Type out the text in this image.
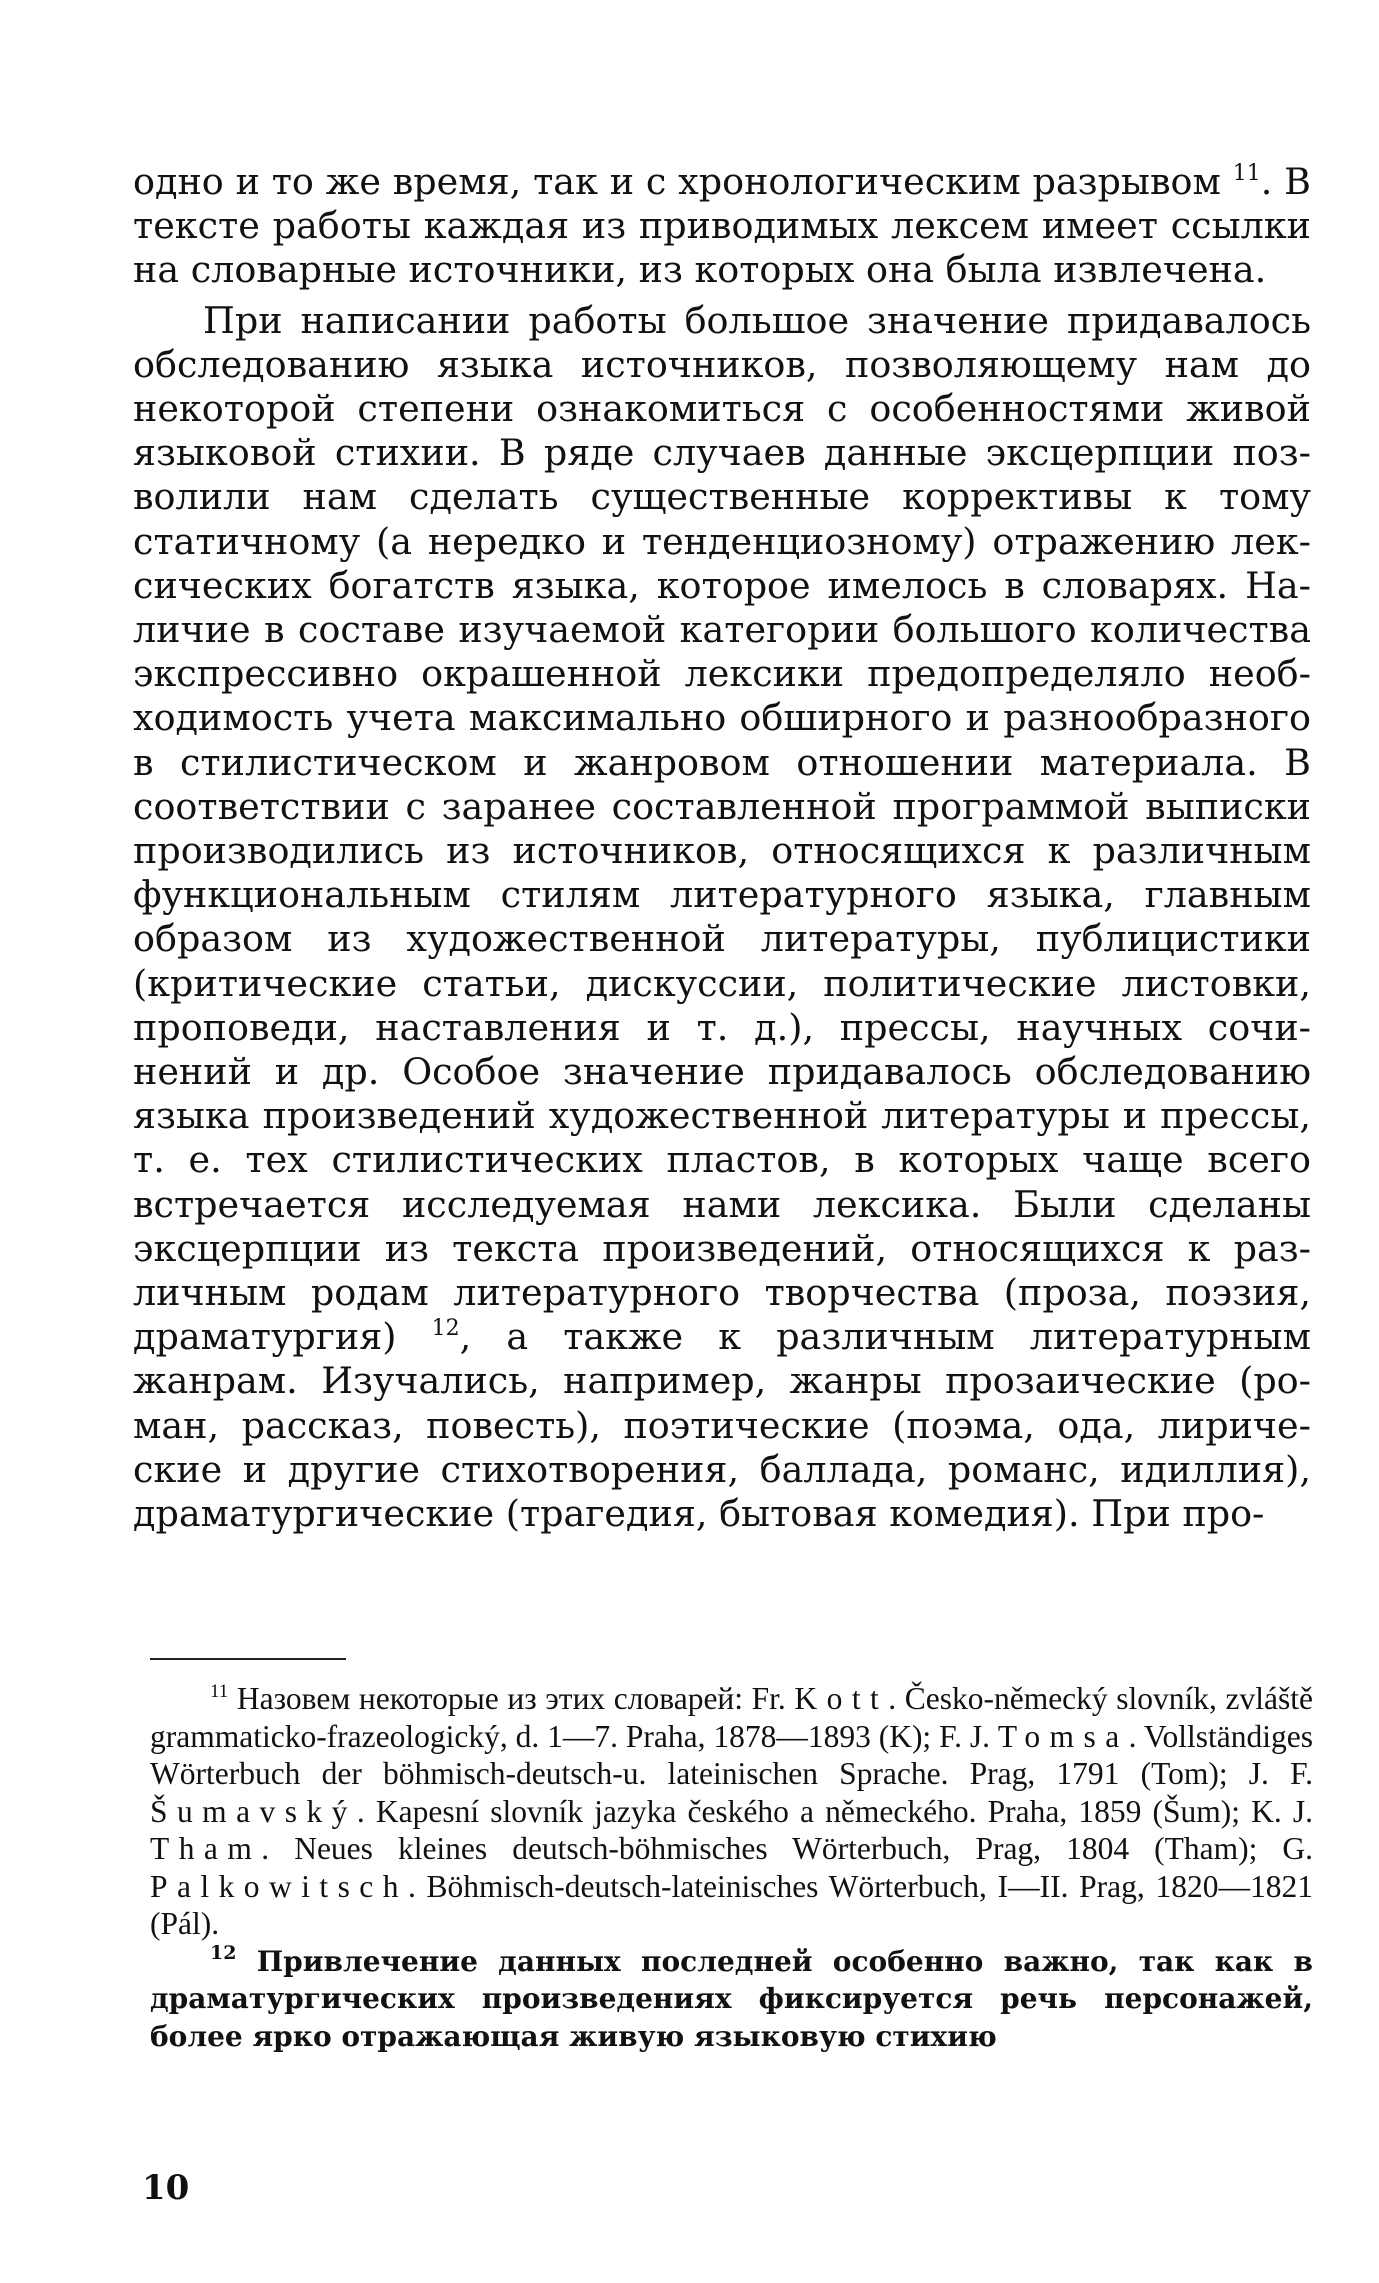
одно и то же время, так и с хронологическим разрывом $^{11}$. В тексте работы каждая из приводимых лексем имеет ссылки на словарные источники, из которых она была извлечена.

При написании работы большое значение придавалось обследованию языка источников, позволяющему нам до некоторой степени ознакомиться с особенностями живой языковой стихии. В ряде случаев данные эксцерпции позволили нам сделать существенные коррективы к тому статичному (а нередко и тенденциозному) отражению лексических богатств языка, которое имелось в словарях. Наличие в составе изучаемой категории большого количества экспрессивно окрашенной лексики предопределяло необходимость учета максимально обширного и разнообразного в стилистическом и жанровом отношении материала. В соответствии с заранее составленной программой выписки производились из источников, относящихся к различным функциональным стилям литературного языка, главным образом из художественной литературы, публицистики (критические статьи, дискуссии, политические листовки, проповеди, наставления и т. д.), прессы, научных сочинений и др. Особое значение придавалось обследованию языка произведений художественной литературы и прессы, т. е. тех стилистических пластов, в которых чаще всего встречается исследуемая нами лексика. Были сделаны эксцерпции из текста произведений, относящихся к различным родам литературного творчества (проза, поэзия, драматургия) $^{12}$, а также к различным литературным жанрам. Изучались, например, жанры прозаические (роман, рассказ, повесть), поэтические (поэма, ода, лирические и другие стихотворения, баллада, романс, идиллия), драматургические (трагедия, бытовая комедия). При про-

$^{11}$ Назовем некоторые из этих словарей: Fr. Kott. Česko-německý slovník, zvláště grammaticko-frazeologický, d. 1—7. Praha, 1878—1893 (K); F. J. Tomsa. Vollständiges Wörterbuch der böhmisch-deutsch-u. lateinischen Sprache. Prag, 1791 (Tom); J. F. Šumavský. Kapesní slovník jazyka českého a německého. Praha, 1859 (Šum); K. J. Tham. Neues kleines deutsch-böhmisches Wörterbuch, Prag, 1804 (Tham); G. Palkowitsch. Böhmisch-deutsch-lateinisches Wörterbuch, I—II. Prag, 1820—1821 (Pál).

$^{12}$ Привлечение данных последней особенно важно, так как в драматургических произведениях фиксируется речь персонажей, более ярко отражающая живую языковую стихию

10
